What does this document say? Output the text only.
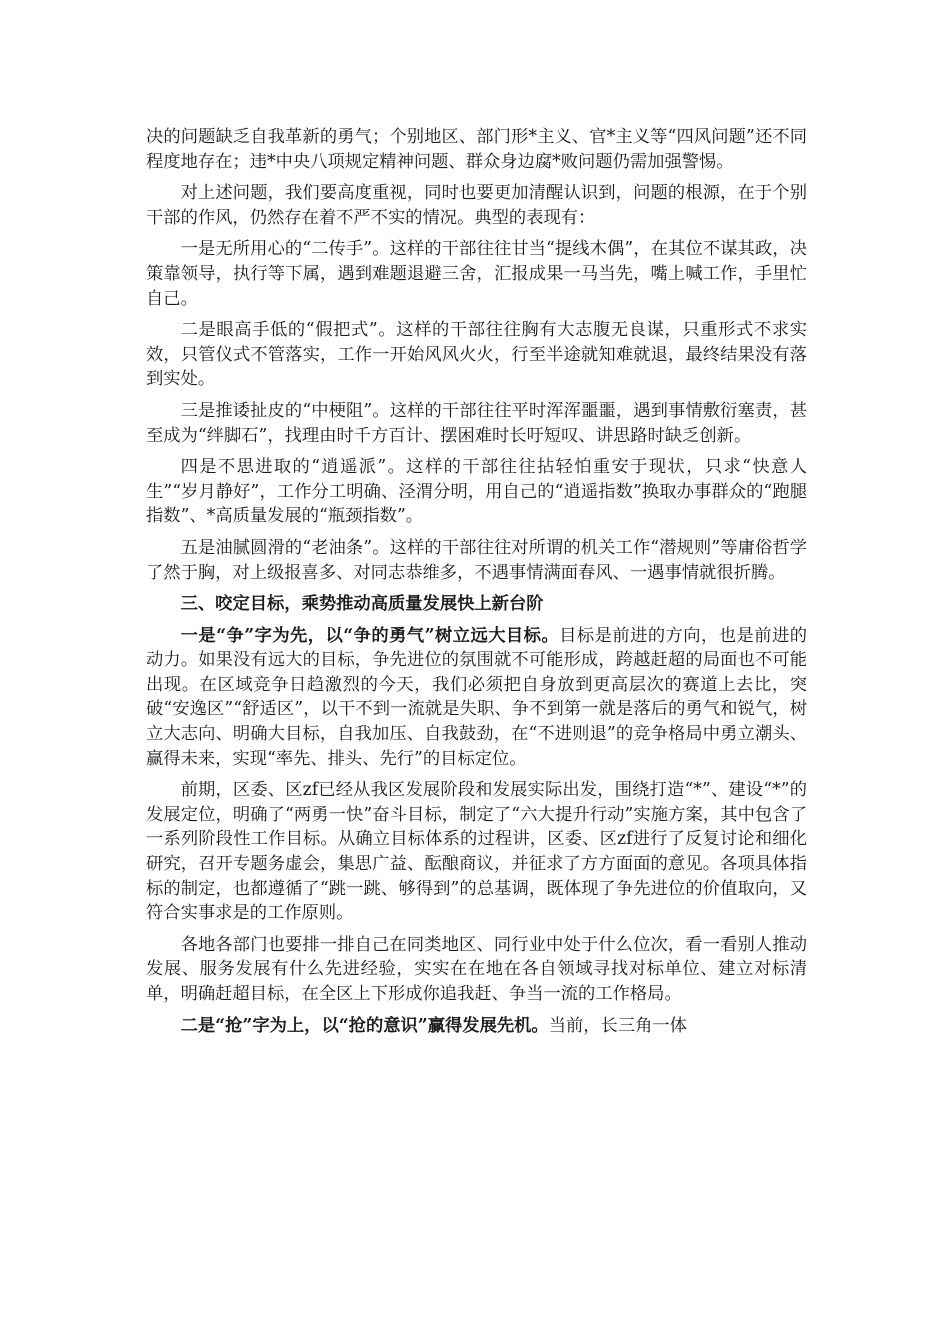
决的问题缺乏自我革新的勇气；个别地区、部门形*主义、官*主义等“四风问题”还不同程度地存在；违*中央八项规定精神问题、群众身边腐*败问题仍需加强警惕。

对上述问题，我们要高度重视，同时也要更加清醒认识到，问题的根源，在于个别干部的作风，仍然存在着不严不实的情况。典型的表现有：

一是无所用心的“二传手”。这样的干部往往甘当“提线木偶”，在其位不谋其政，决策靠领导，执行等下属，遇到难题退避三舍，汇报成果一马当先，嘴上喊工作，手里忙自己。

二是眼高手低的“假把式”。这样的干部往往胸有大志腹无良谋，只重形式不求实效，只管仪式不管落实，工作一开始风风火火，行至半途就知难就退，最终结果没有落到实处。

三是推诿扯皮的“中梗阻”。这样的干部往往平时浑浑噩噩，遇到事情敷衍塞责，甚至成为“绊脚石”，找理由时千方百计、摆困难时长吁短叹、讲思路时缺乏创新。

四是不思进取的“逍遥派”。这样的干部往往拈轻怕重安于现状，只求“快意人生”“岁月静好”，工作分工明确、泾渭分明，用自己的“逍遥指数”换取办事群众的“跑腿指数”、*高质量发展的“瓶颈指数”。

五是油腻圆滑的“老油条”。这样的干部往往对所谓的机关工作“潜规则”等庸俗哲学了然于胸，对上级报喜多、对同志恭维多，不遇事情满面春风、一遇事情就很折腾。

三、咬定目标，乘势推动高质量发展快上新台阶

一是“争”字为先，以“争的勇气”树立远大目标。目标是前进的方向，也是前进的动力。如果没有远大的目标，争先进位的氛围就不可能形成，跨越赶超的局面也不可能出现。在区域竞争日趋激烈的今天，我们必须把自身放到更高层次的赛道上去比，突破“安逸区”“舒适区”，以干不到一流就是失职、争不到第一就是落后的勇气和锐气，树立大志向、明确大目标，自我加压、自我鼓劲，在“不进则退”的竞争格局中勇立潮头、赢得未来，实现“率先、排头、先行”的目标定位。

前期，区委、区zf已经从我区发展阶段和发展实际出发，围绕打造“*”、建设“*”的发展定位，明确了“两勇一快”奋斗目标，制定了“六大提升行动”实施方案，其中包含了一系列阶段性工作目标。从确立目标体系的过程讲，区委、区zf进行了反复讨论和细化研究，召开专题务虚会，集思广益、酝酿商议，并征求了方方面面的意见。各项具体指标的制定，也都遵循了“跳一跳、够得到”的总基调，既体现了争先进位的价值取向，又符合实事求是的工作原则。

各地各部门也要排一排自己在同类地区、同行业中处于什么位次，看一看别人推动发展、服务发展有什么先进经验，实实在在地在各自领域寻找对标单位、建立对标清单，明确赶超目标，在全区上下形成你追我赶、争当一流的工作格局。

二是“抢”字为上，以“抢的意识”赢得发展先机。当前，长三角一体
